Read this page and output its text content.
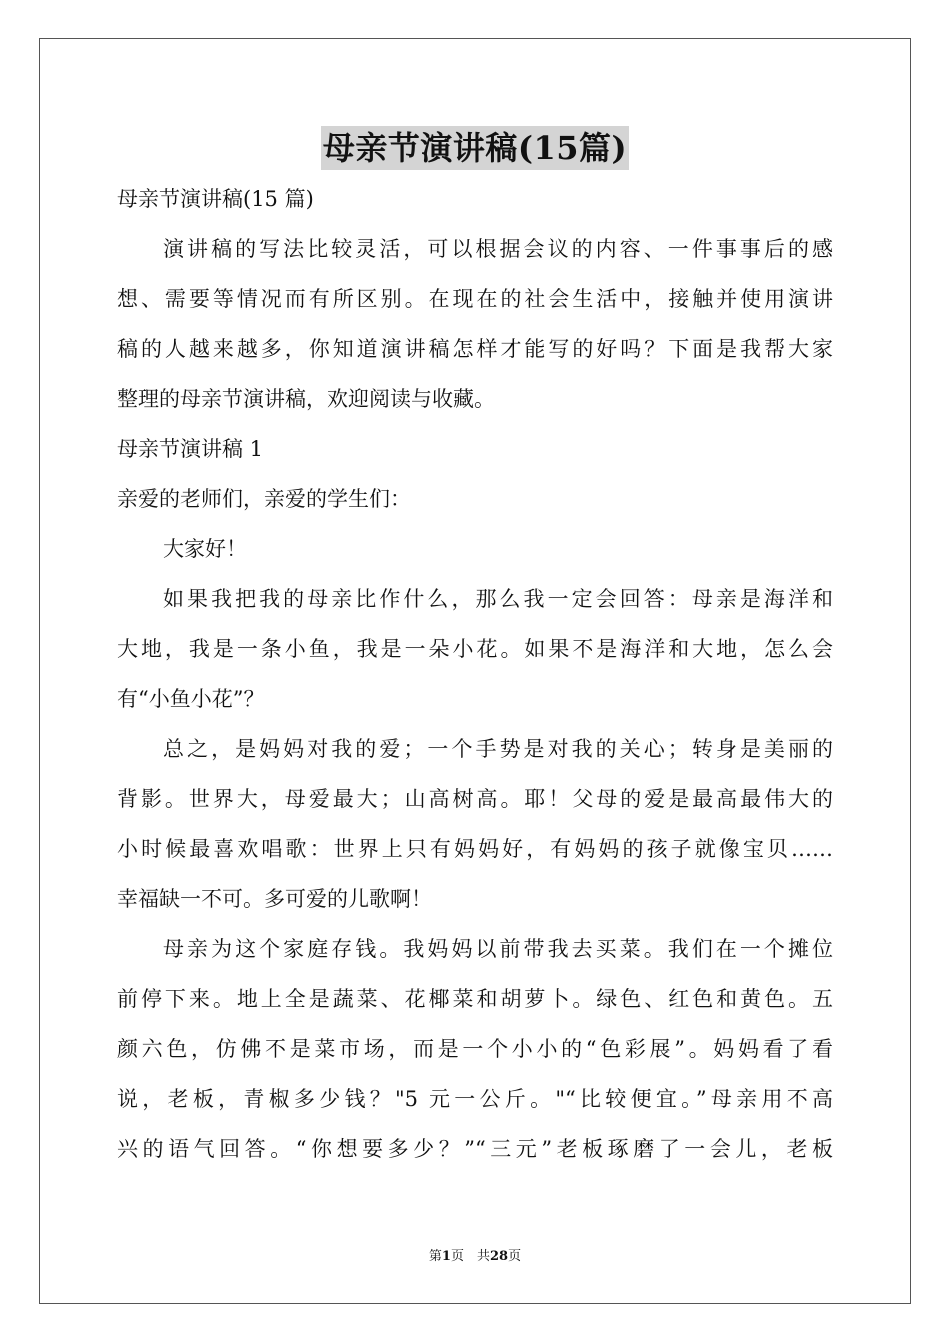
母亲节演讲稿(15篇)
母亲节演讲稿(15 篇)
演讲稿的写法比较灵活，可以根据会议的内容、一件事事后的感
想、需要等情况而有所区别。在现在的社会生活中，接触并使用演讲
稿的人越来越多，你知道演讲稿怎样才能写的好吗？下面是我帮大家
整理的母亲节演讲稿，欢迎阅读与收藏。
母亲节演讲稿 1
亲爱的老师们，亲爱的学生们：
大家好！
如果我把我的母亲比作什么，那么我一定会回答：母亲是海洋和
大地，我是一条小鱼，我是一朵小花。如果不是海洋和大地，怎么会
有“小鱼小花”？
总之，是妈妈对我的爱；一个手势是对我的关心；转身是美丽的
背影。世界大，母爱最大；山高树高。耶！父母的爱是最高最伟大的
小时候最喜欢唱歌：世界上只有妈妈好，有妈妈的孩子就像宝贝……
幸福缺一不可。多可爱的儿歌啊！
母亲为这个家庭存钱。我妈妈以前带我去买菜。我们在一个摊位
前停下来。地上全是蔬菜、花椰菜和胡萝卜。绿色、红色和黄色。五
颜六色，仿佛不是菜市场，而是一个小小的“色彩展”。妈妈看了看
说，老板，青椒多少钱？"5 元一公斤。"“比较便宜。”母亲用不高
兴的语气回答。“你想要多少？”“三元”老板琢磨了一会儿，老板
第1页　共28页
